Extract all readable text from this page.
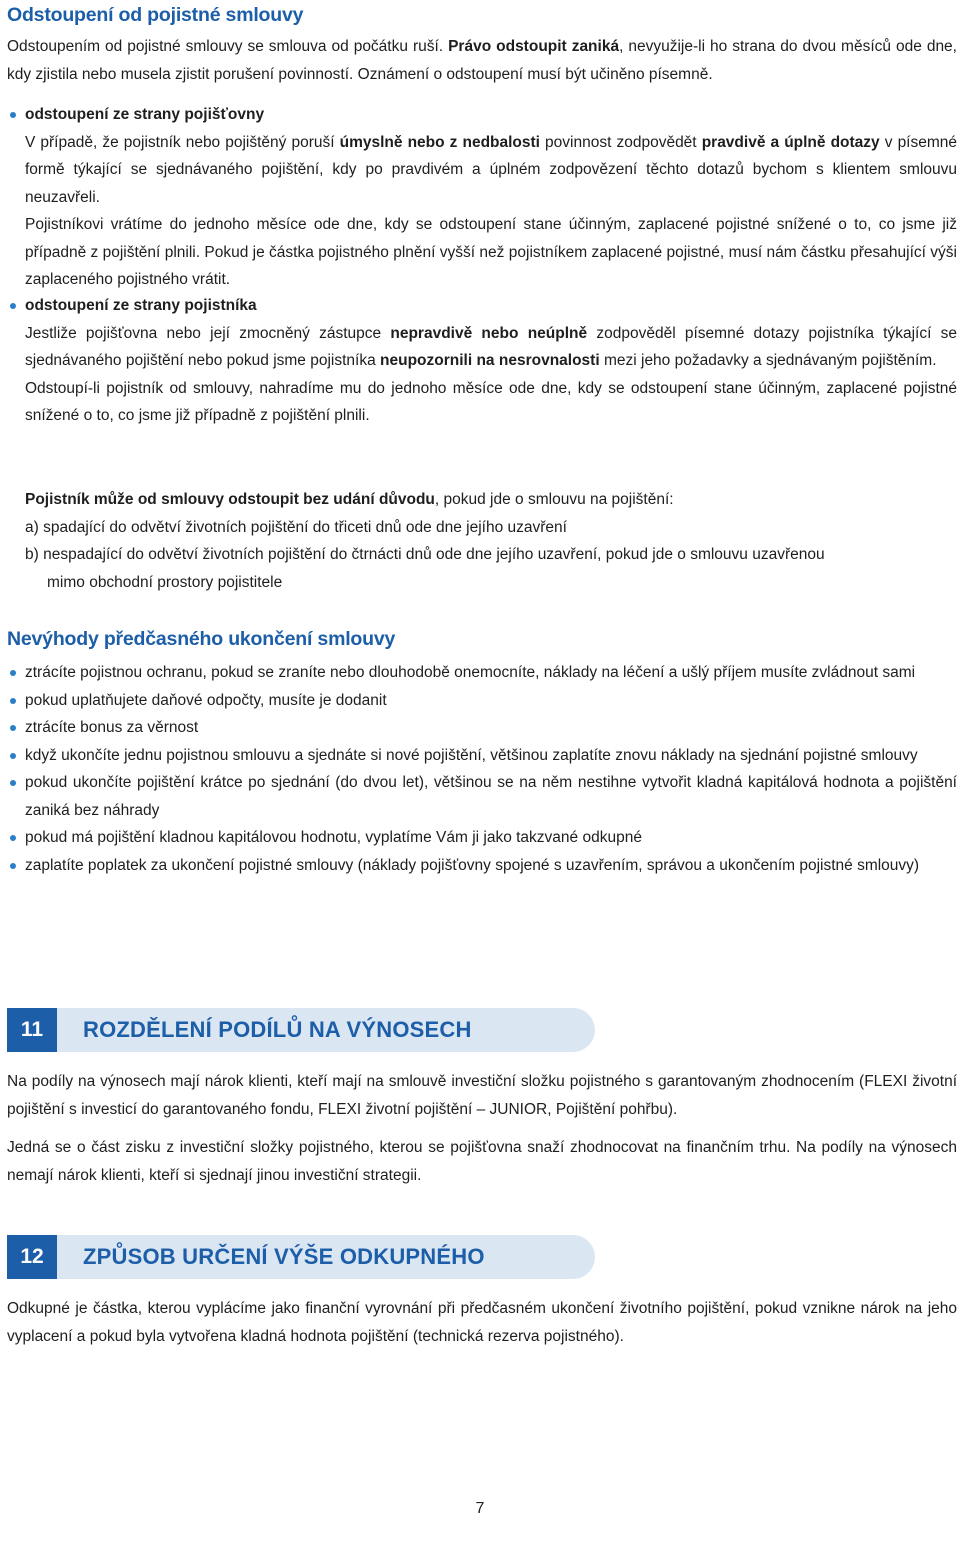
Odstoupení od pojistné smlouvy

Odstoupením od pojistné smlouvy se smlouva od počátku ruší. Právo odstoupit zaniká, nevyužije-li ho strana do dvou měsíců ode dne, kdy zjistila nebo musela zjistit porušení povinností. Oznámení o odstoupení musí být učiněno písemně.

odstoupení ze strany pojišťovny

V případě, že pojistník nebo pojištěný poruší úmyslně nebo z nedbalosti povinnost zodpovědět pravdivě a úplně dotazy v písemné formě týkající se sjednávaného pojištění, kdy po pravdivém a úplném zodpovězení těchto dotazů bychom s klientem smlouvu neuzavřeli.

Pojistníkovi vrátíme do jednoho měsíce ode dne, kdy se odstoupení stane účinným, zaplacené pojistné snížené o to, co jsme již případně z pojištění plnili. Pokud je částka pojistného plnění vyšší než pojistníkem zaplacené pojistné, musí nám částku přesahující výši zaplaceného pojistného vrátit.

odstoupení ze strany pojistníka

Jestliže pojišťovna nebo její zmocněný zástupce nepravdivě nebo neúplně zodpověděl písemné dotazy pojistníka týkající se sjednávaného pojištění nebo pokud jsme pojistníka neupozornili na nesrovnalosti mezi jeho požadavky a sjednávaným pojištěním.

Odstoupí-li pojistník od smlouvy, nahradíme mu do jednoho měsíce ode dne, kdy se odstoupení stane účinným, zaplacené pojistné snížené o to, co jsme již případně z pojištění plnili.

Pojistník může od smlouvy odstoupit bez udání důvodu, pokud jde o smlouvu na pojištění:

a) spadající do odvětví životních pojištění do třiceti dnů ode dne jejího uzavření

b) nespadající do odvětví životních pojištění do čtrnácti dnů ode dne jejího uzavření, pokud jde o smlouvu uzavřenou

mimo obchodní prostory pojistitele

Nevýhody předčasného ukončení smlouvy

ztrácíte pojistnou ochranu, pokud se zraníte nebo dlouhodobě onemocníte, náklady na léčení a ušlý příjem musíte zvládnout sami

pokud uplatňujete daňové odpočty, musíte je dodanit

ztrácíte bonus za věrnost

když ukončíte jednu pojistnou smlouvu a sjednáte si nové pojištění, většinou zaplatíte znovu náklady na sjednání pojistné smlouvy

pokud ukončíte pojištění krátce po sjednání (do dvou let), většinou se na něm nestihne vytvořit kladná kapitálová hodnota a pojištění zaniká bez náhrady

pokud má pojištění kladnou kapitálovou hodnotu, vyplatíme Vám ji jako takzvané odkupné

zaplatíte poplatek za ukončení pojistné smlouvy (náklady pojišťovny spojené s uzavřením, správou a ukončením pojistné smlouvy)

Na podíly na výnosech mají nárok klienti, kteří mají na smlouvě investiční složku pojistného s garantovaným zhodnocením (FLEXI životní pojištění s investicí do garantovaného fondu, FLEXI životní pojištění – JUNIOR, Pojištění pohřbu).

Jedná se o část zisku z investiční složky pojistného, kterou se pojišťovna snaží zhodnocovat na finančním trhu. Na podíly na výnosech nemají nárok klienti, kteří si sjednají jinou investiční strategii.

Odkupné je částka, kterou vyplácíme jako finanční vyrovnání při předčasném ukončení životního pojištění, pokud vznikne nárok na jeho vyplacení a pokud byla vytvořena kladná hodnota pojištění (technická rezerva pojistného).

11	ROZDĚLENÍ PODÍLŮ NA VÝNOSECH
12	ZPŮSOB URČENÍ VÝŠE ODKUPNÉHO
7
